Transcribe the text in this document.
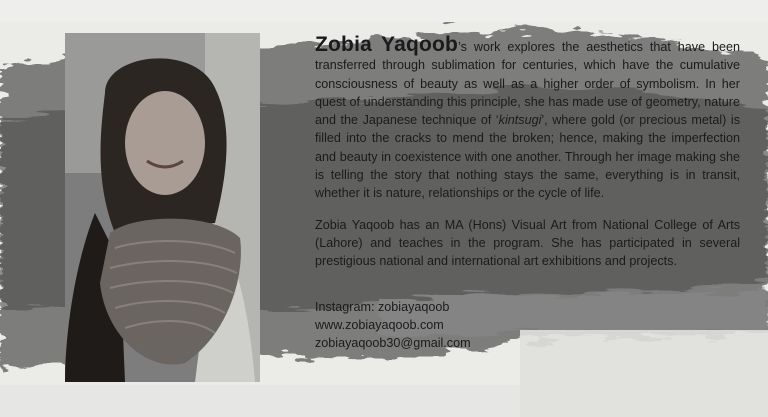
Zobia Yaqoob’s work explores the aesthetics that have been transferred through sublimation for centuries, which have the cumulative consciousness of beauty as well as a higher order of symbolism. In her quest of understanding this principle, she has made use of geometry, nature and the Japanese technique of ‘kintsugi’, where gold (or precious metal) is filled into the cracks to mend the broken; hence, making the imperfection and beauty in coexistence with one another. Through her image making she is telling the story that nothing stays the same, everything is in transit, whether it is nature, relationships or the cycle of life.

Zobia Yaqoob has an MA (Hons) Visual Art from National College of Arts (Lahore) and teaches in the program. She has participated in several prestigious national and international art exhibitions and projects.

Instagram: zobiayaqoob
www.zobiayaqoob.com
zobiayaqoob30@gmail.com
